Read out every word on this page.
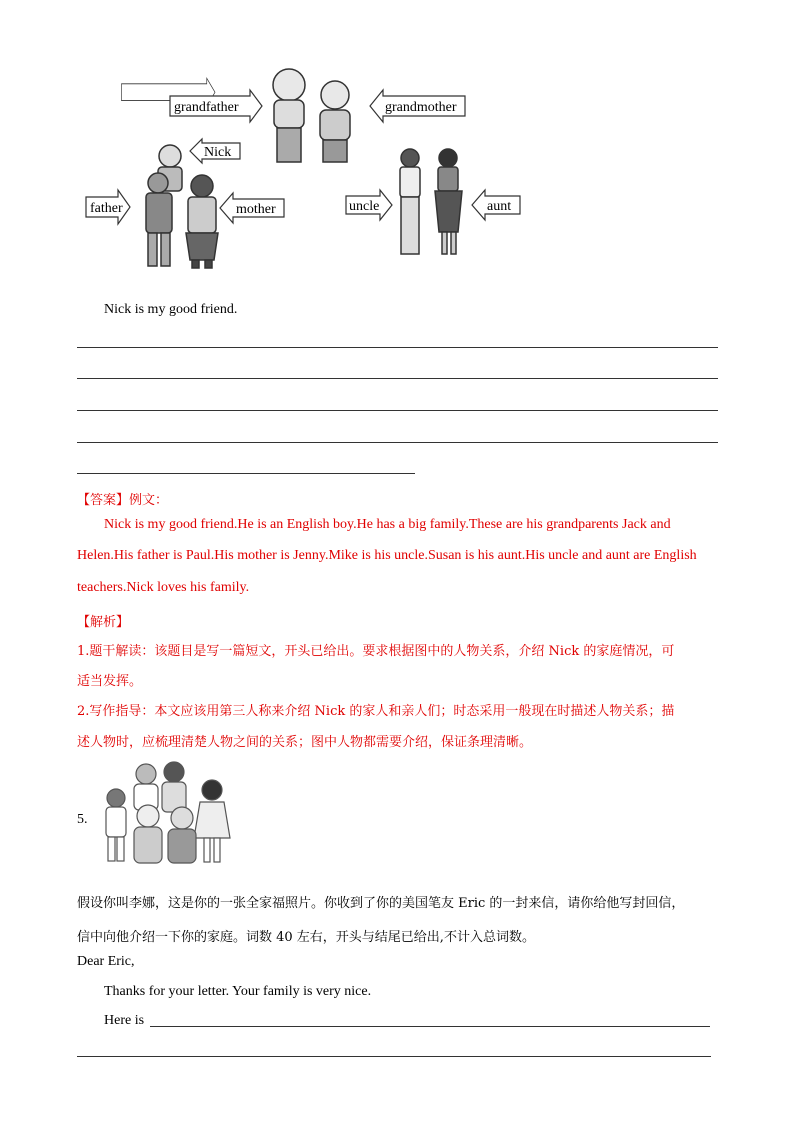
grandfather	grandmother
Nick
father	mother	uncle	aunt
Nick is my good friend.
【答案】例文：
Nick is my good friend.He is an English boy.He has a big family.These are his grandparents Jack and
Helen.His father is Paul.His mother is Jenny.Mike is his uncle.Susan is his aunt.His uncle and aunt are English
teachers.Nick loves his family.
【解析】
1.题干解读：该题目是写一篇短文，开头已给出。要求根据图中的人物关系，介绍 Nick 的家庭情况，可
适当发挥。
2.写作指导：本文应该用第三人称来介绍 Nick 的家人和亲人们；时态采用一般现在时描述人物关系；描
述人物时，应梳理清楚人物之间的关系；图中人物都需要介绍，保证条理清晰。
5.
假设你叫李娜，这是你的一张全家福照片。你收到了你的美国笔友 Eric 的一封来信，请你给他写封回信，
信中向他介绍一下你的家庭。词数 40 左右，开头与结尾已给出,不计入总词数。
Dear Eric,
Thanks for your letter. Your family is very nice.
Here is
